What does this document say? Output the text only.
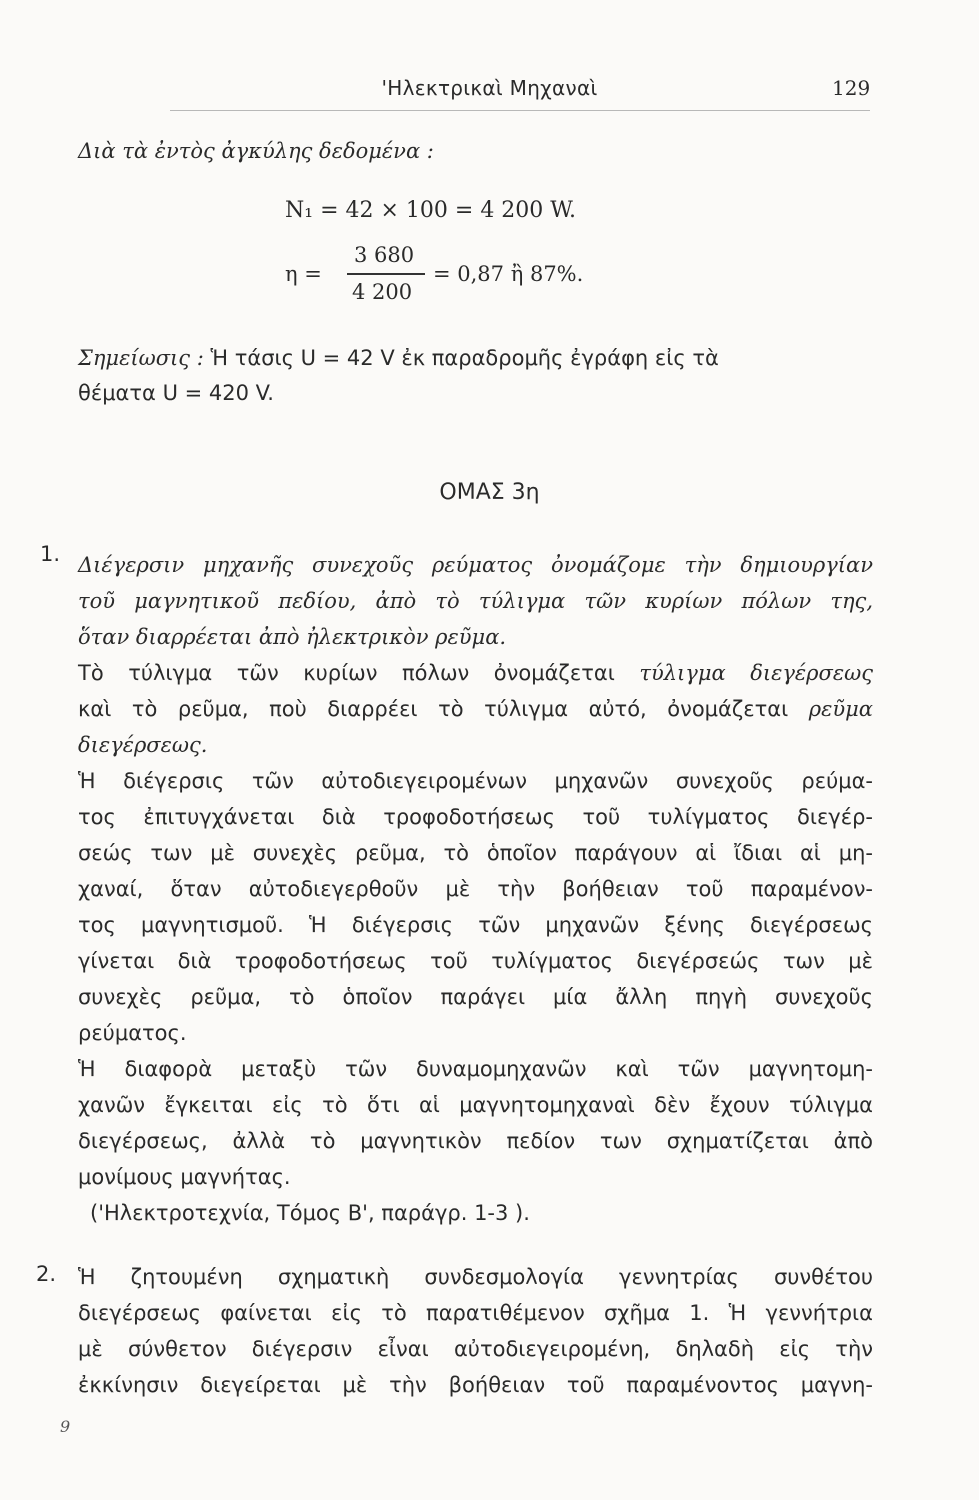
'Ηλεκτρικαὶ Μηχαναὶ	129
Διὰ τὰ ἐντὸς ἀγκύλης δεδομένα :
N₁ = 42 × 100 = 4 200 W.
η =
3 680
4 200
= 0,87 ἢ 87%.
Σημείωσις : Ἡ τάσις U = 42 V ἐκ παραδρομῆς ἐγράφη εἰς τὰ
θέματα U = 420 V.
ΟΜΑΣ 3η
1. Διέγερσιν μηχανῆς συνεχοῦς ρεύματος ὀνομάζομε τὴν δημιουργίαν
τοῦ μαγνητικοῦ πεδίου, ἀπὸ τὸ τύλιγμα τῶν κυρίων πόλων της,
ὅταν διαρρέεται ἀπὸ ἠλεκτρικὸν ρεῦμα.
Τὸ τύλιγμα τῶν κυρίων πόλων ὀνομάζεται τύλιγμα διεγέρσεως
καὶ τὸ ρεῦμα, ποὺ διαρρέει τὸ τύλιγμα αὐτό, ὀνομάζεται ρεῦμα
διεγέρσεως.
Ἡ διέγερσις τῶν αὐτοδιεγειρομένων μηχανῶν συνεχοῦς ρεύμα-
τος ἐπιτυγχάνεται διὰ τροφοδοτήσεως τοῦ τυλίγματος διεγέρ-
σεώς των μὲ συνεχὲς ρεῦμα, τὸ ὁποῖον παράγουν αἱ ἴδιαι αἱ μη-
χαναί, ὅταν αὐτοδιεγερθοῦν μὲ τὴν βοήθειαν τοῦ παραμένον-
τος μαγνητισμοῦ. Ἡ διέγερσις τῶν μηχανῶν ξένης διεγέρσεως
γίνεται διὰ τροφοδοτήσεως τοῦ τυλίγματος διεγέρσεώς των μὲ
συνεχὲς ρεῦμα, τὸ ὁποῖον παράγει μία ἄλλη πηγὴ συνεχοῦς
ρεύματος.
Ἡ διαφορὰ μεταξὺ τῶν δυναμομηχανῶν καὶ τῶν μαγνητομη-
χανῶν ἔγκειται εἰς τὸ ὅτι αἱ μαγνητομηχαναὶ δὲν ἔχουν τύλιγμα
διεγέρσεως, ἀλλὰ τὸ μαγνητικὸν πεδίον των σχηματίζεται ἀπὸ
μονίμους μαγνήτας.
('Ηλεκτροτεχνία, Τόμος Β', παράγρ. 1-3 ).
2. Ἡ ζητουμένη σχηματικὴ συνδεσμολογία γεννητρίας συνθέτου
διεγέρσεως φαίνεται εἰς τὸ παρατιθέμενον σχῆμα 1. Ἡ γεννήτρια
μὲ σύνθετον διέγερσιν εἶναι αὐτοδιεγειρομένη, δηλαδὴ εἰς τὴν
ἐκκίνησιν διεγείρεται μὲ τὴν βοήθειαν τοῦ παραμένοντος μαγνη-
9
